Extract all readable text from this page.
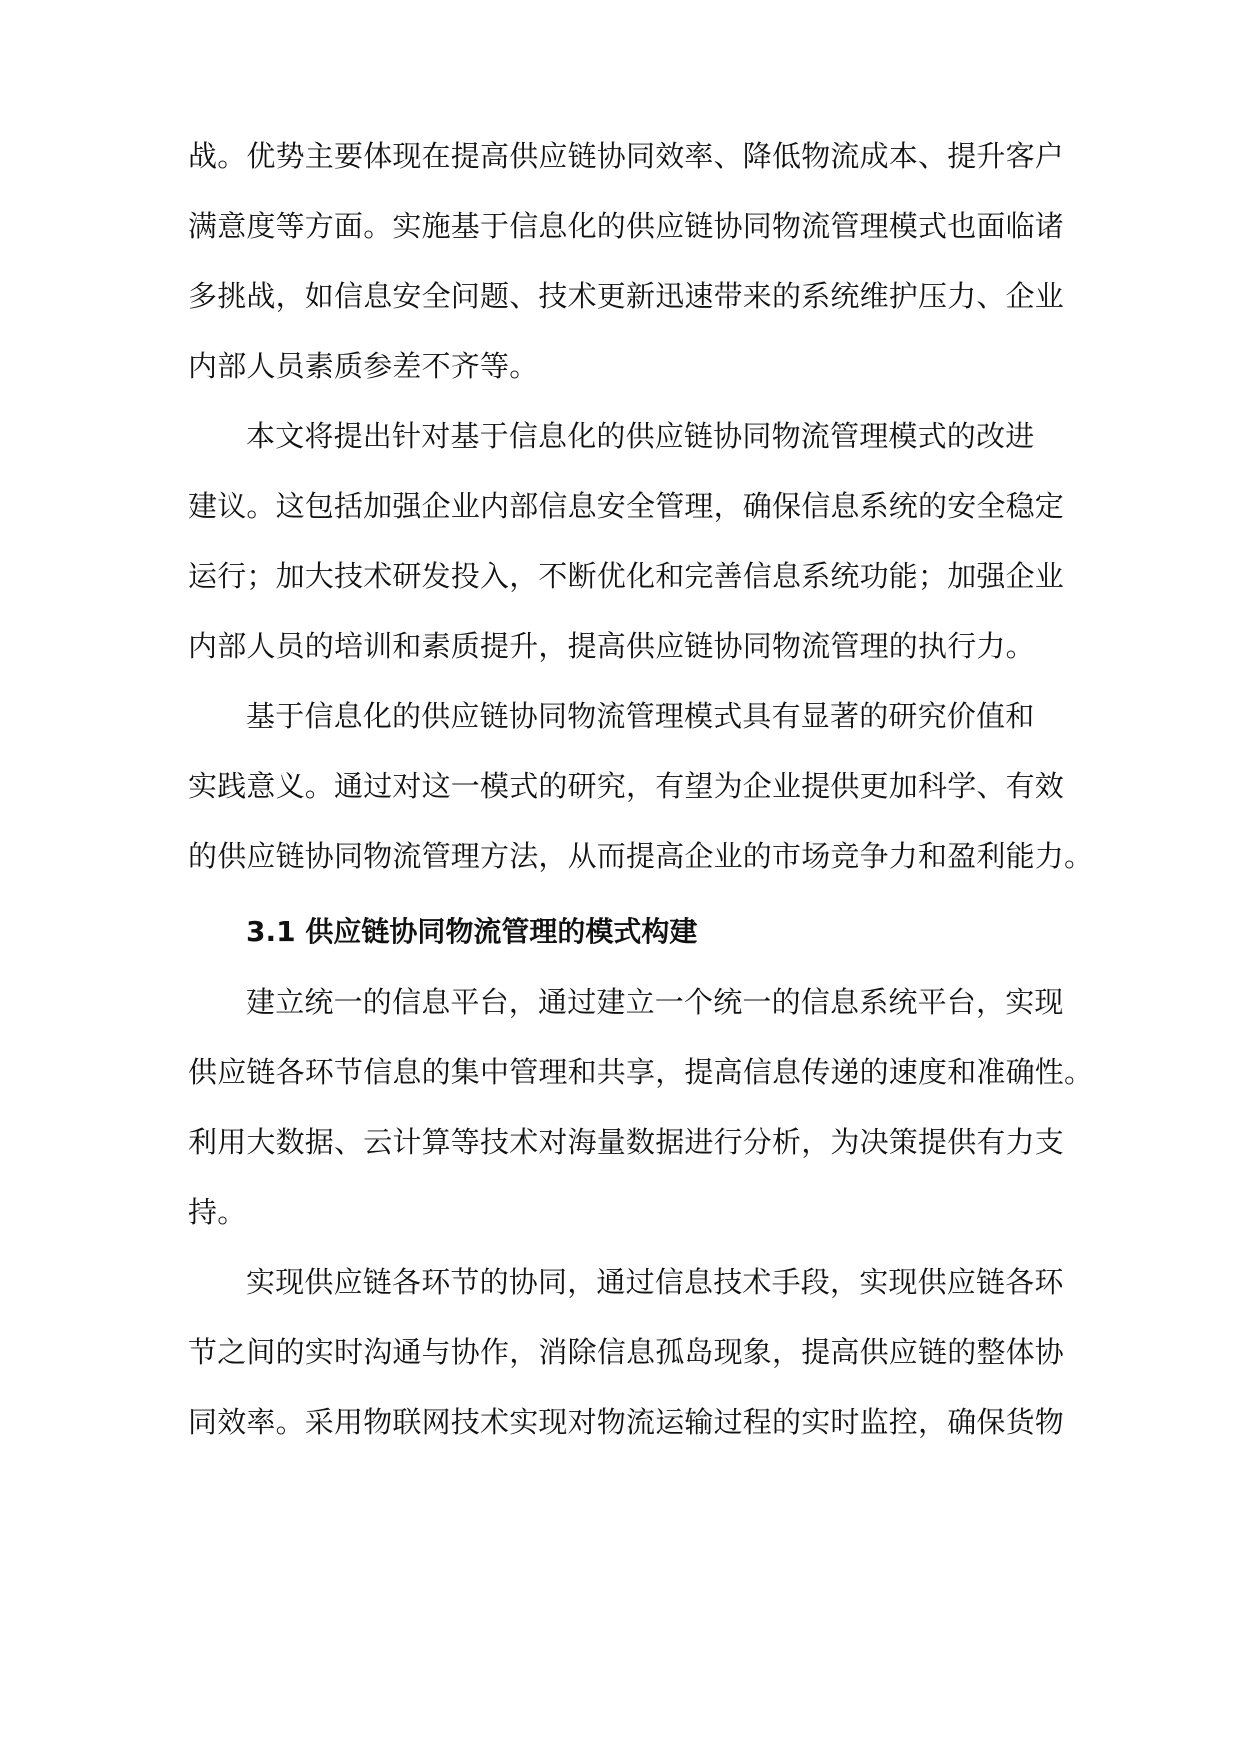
战。优势主要体现在提高供应链协同效率、降低物流成本、提升客户
满意度等方面。实施基于信息化的供应链协同物流管理模式也面临诸
多挑战，如信息安全问题、技术更新迅速带来的系统维护压力、企业
内部人员素质参差不齐等。
本文将提出针对基于信息化的供应链协同物流管理模式的改进
建议。这包括加强企业内部信息安全管理，确保信息系统的安全稳定
运行；加大技术研发投入，不断优化和完善信息系统功能；加强企业
内部人员的培训和素质提升，提高供应链协同物流管理的执行力。
基于信息化的供应链协同物流管理模式具有显著的研究价值和
实践意义。通过对这一模式的研究，有望为企业提供更加科学、有效
的供应链协同物流管理方法，从而提高企业的市场竞争力和盈利能力。
3.1 供应链协同物流管理的模式构建
建立统一的信息平台，通过建立一个统一的信息系统平台，实现
供应链各环节信息的集中管理和共享，提高信息传递的速度和准确性。
利用大数据、云计算等技术对海量数据进行分析，为决策提供有力支
持。
实现供应链各环节的协同，通过信息技术手段，实现供应链各环
节之间的实时沟通与协作，消除信息孤岛现象，提高供应链的整体协
同效率。采用物联网技术实现对物流运输过程的实时监控，确保货物
